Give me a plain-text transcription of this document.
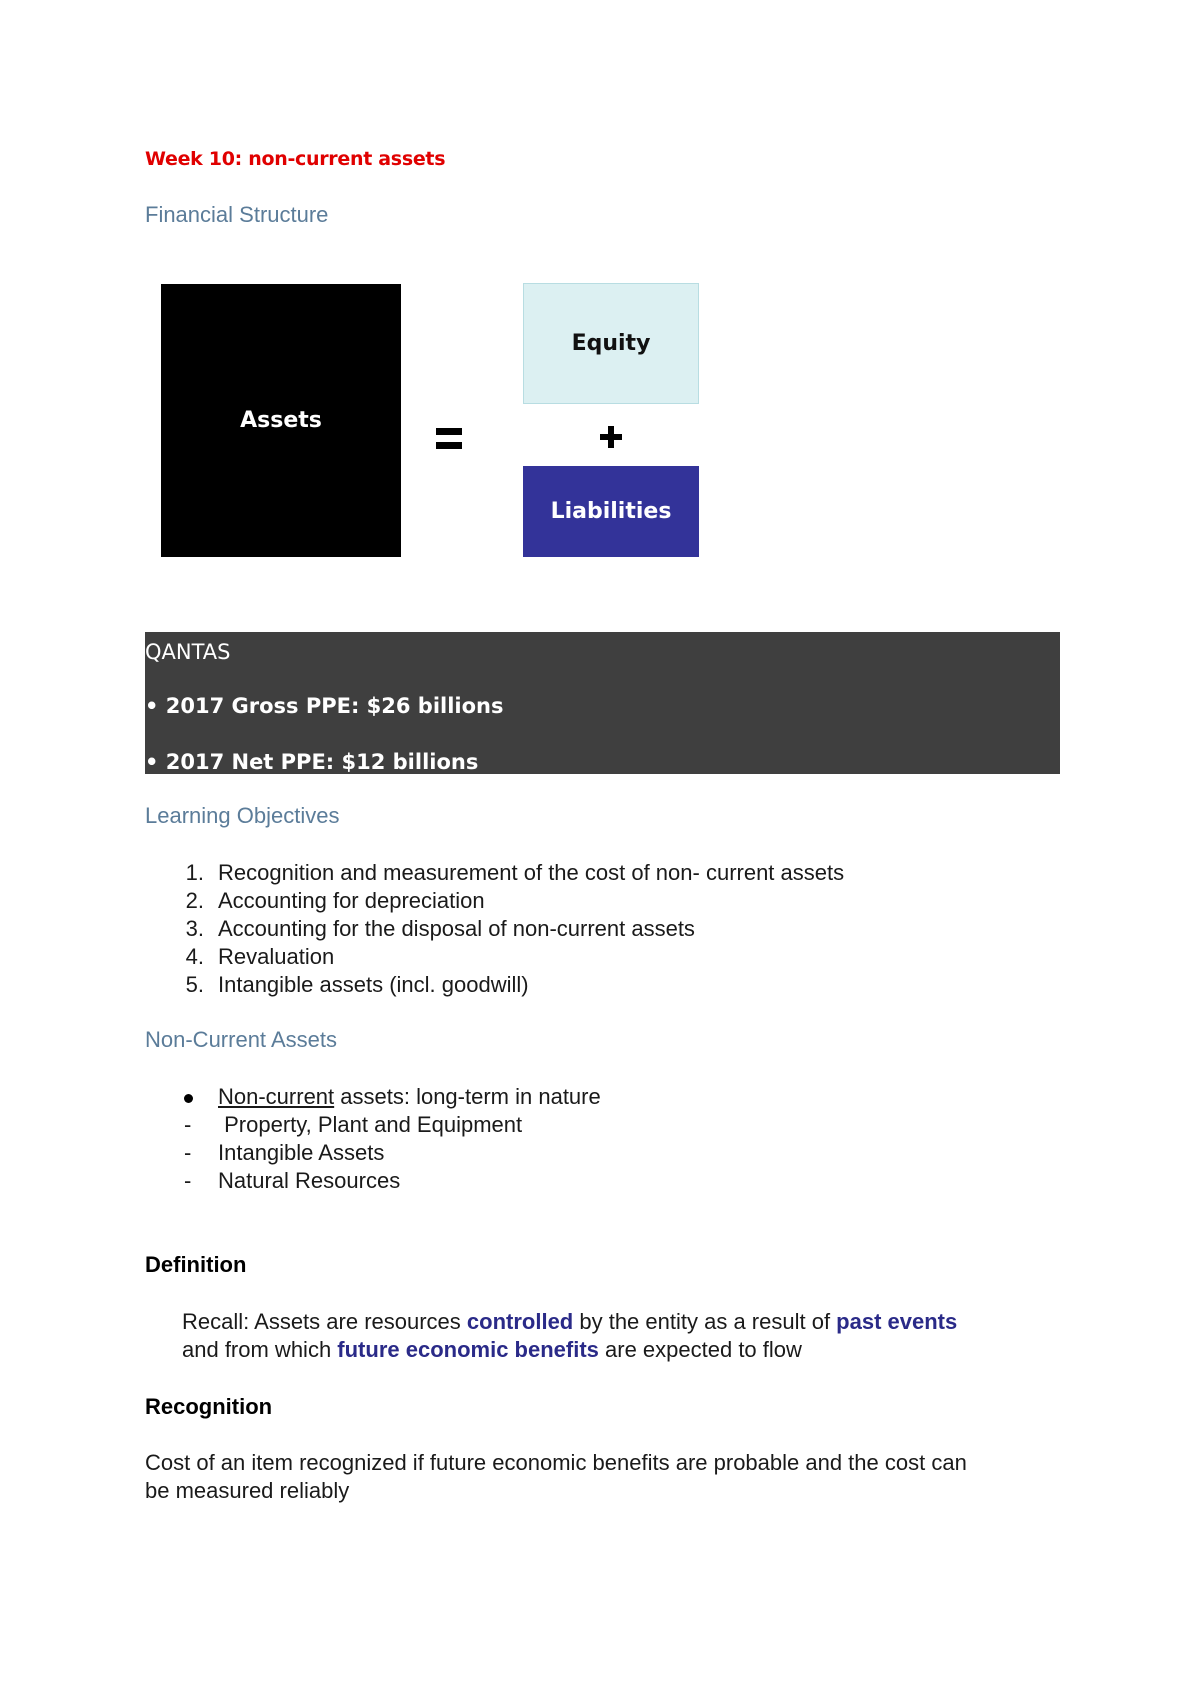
Week 10: non-current assets
Financial Structure
Assets
Equity
Liabilities
QANTAS
• 2017 Gross PPE: $26 billions
• 2017 Net PPE: $12 billions
Learning Objectives
1. Recognition and measurement of the cost of non- current assets
2. Accounting for depreciation
3. Accounting for the disposal of non-current assets
4. Revaluation
5. Intangible assets (incl. goodwill)
Non-Current Assets
Non-current assets: long-term in nature
- Property, Plant and Equipment
- Intangible Assets
- Natural Resources
Definition
Recall: Assets are resources controlled by the entity as a result of past events
and from which future economic benefits are expected to flow
Recognition
Cost of an item recognized if future economic benefits are probable and the cost can
be measured reliably
